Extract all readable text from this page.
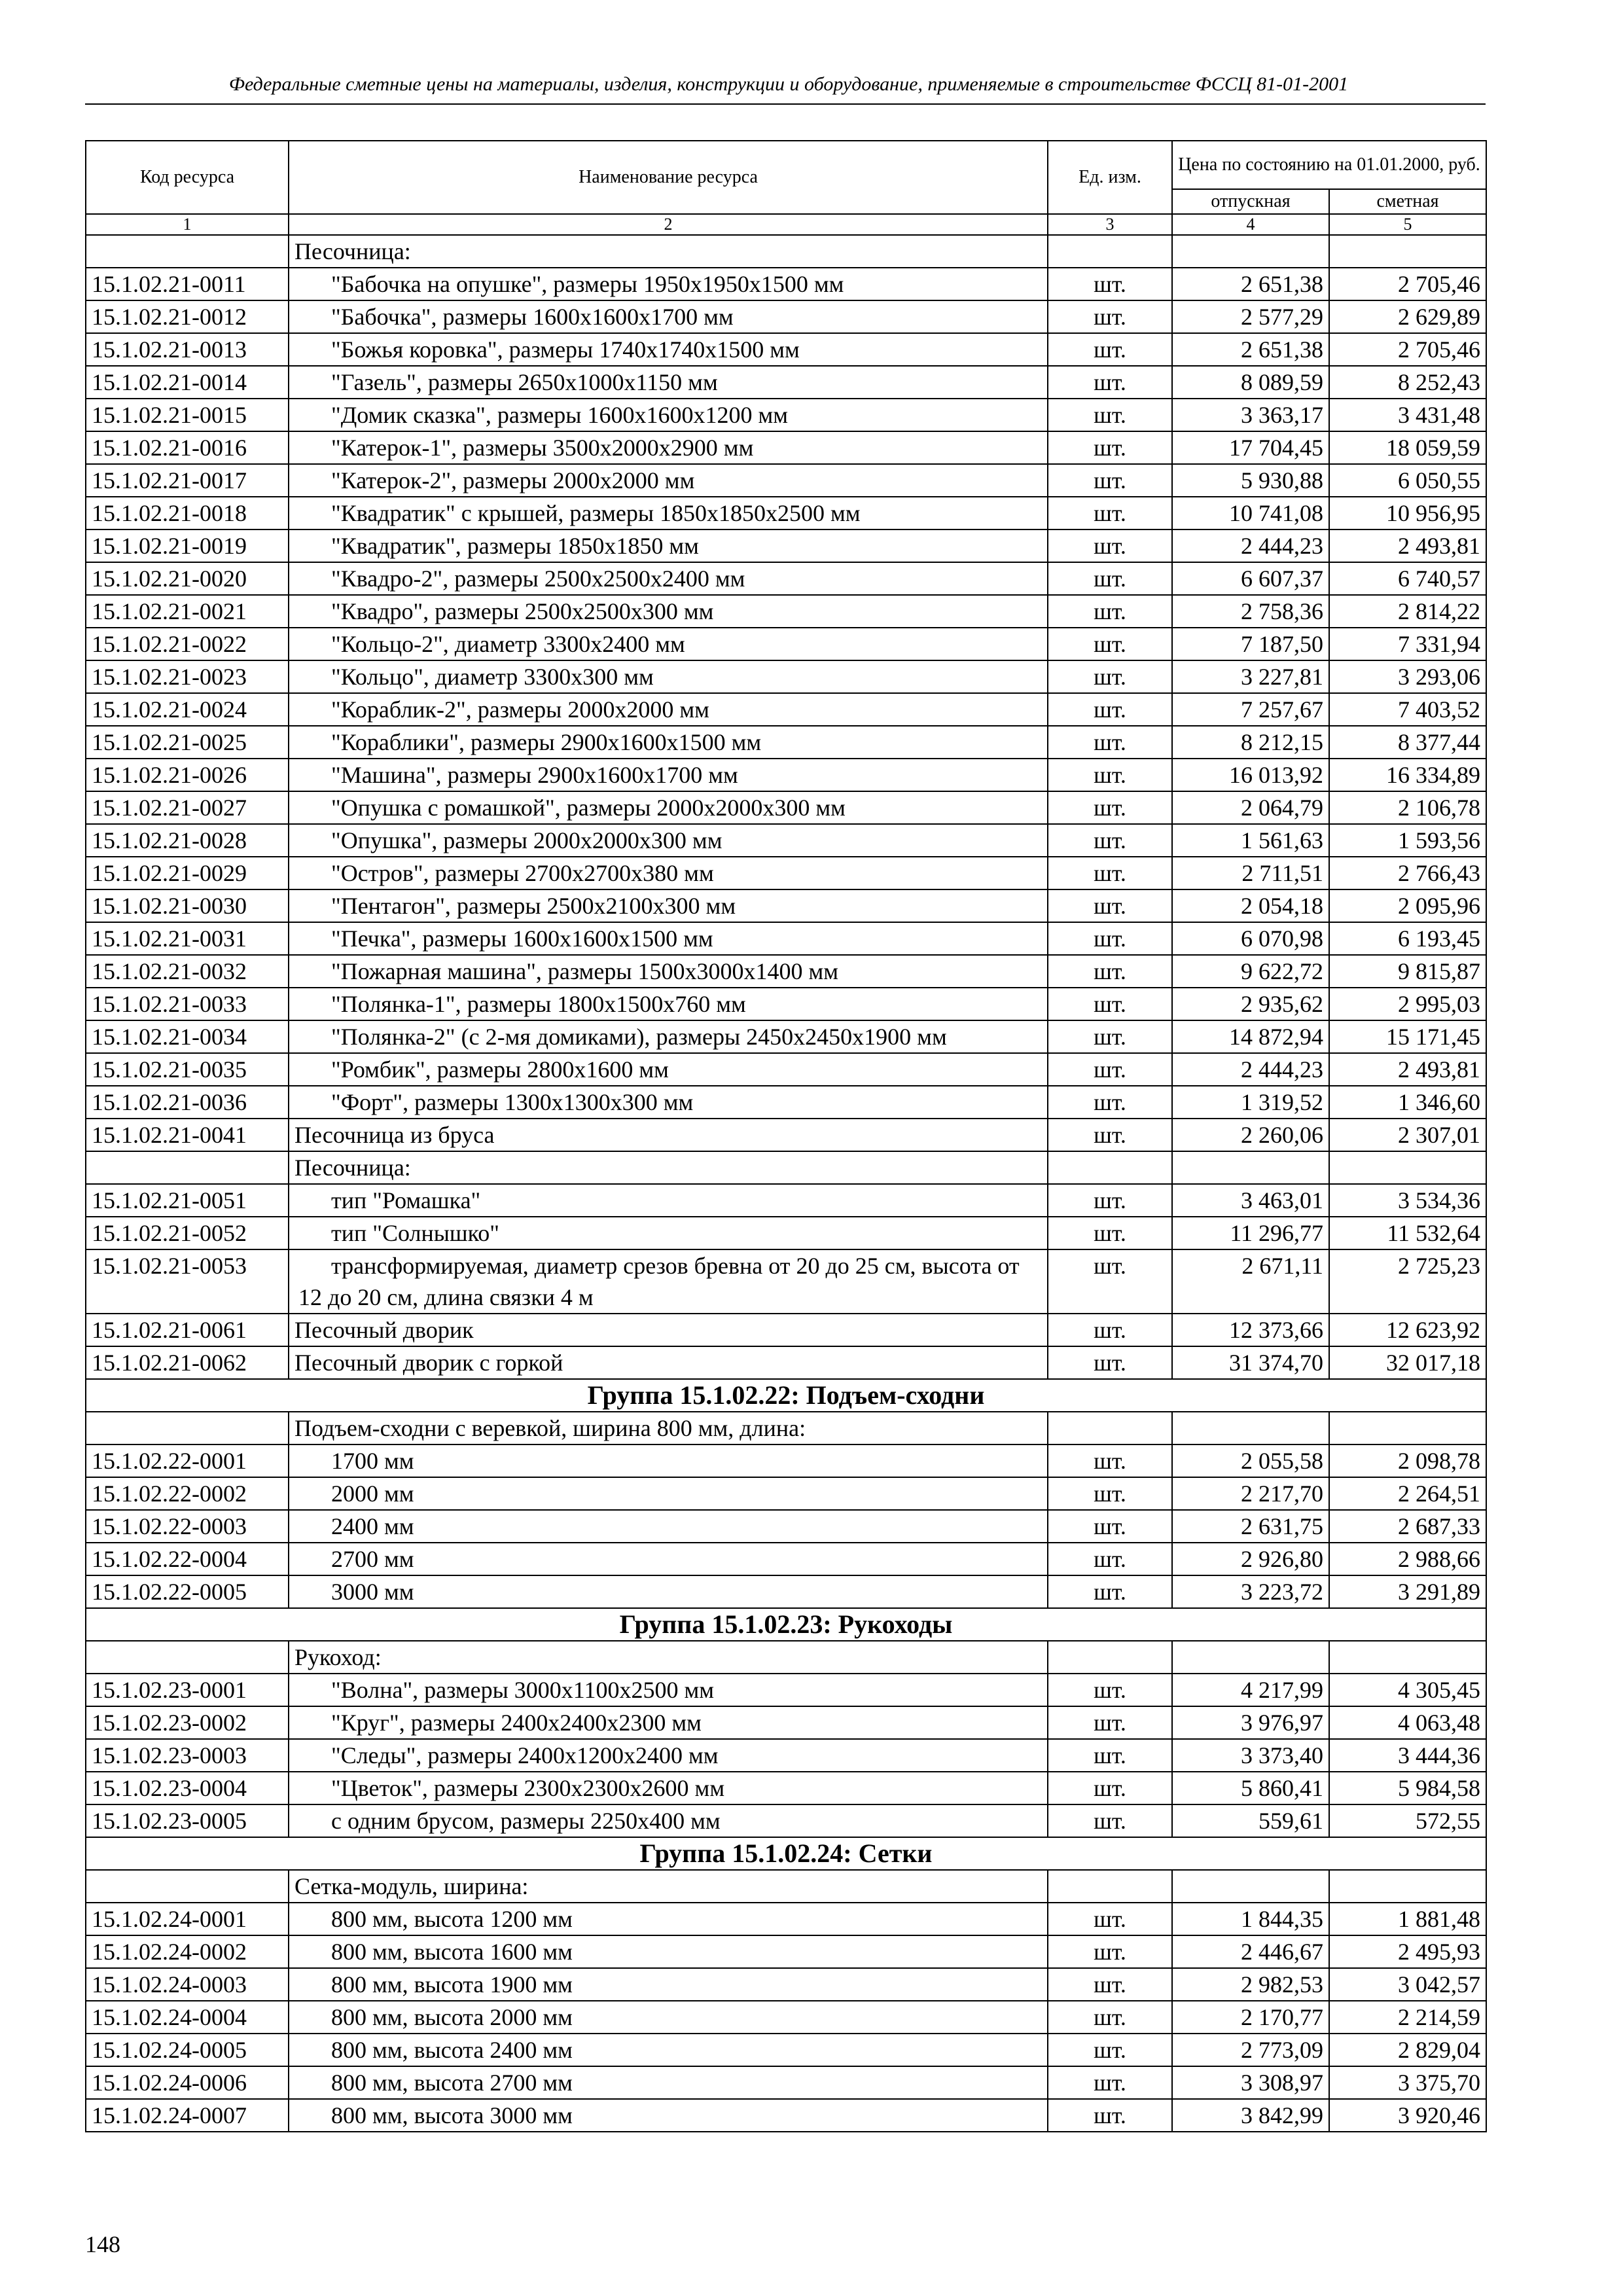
Федеральные сметные цены на материалы, изделия, конструкции и оборудование, применяемые в строительстве ФССЦ 81-01-2001
Код ресурса	Наименование ресурса	Ед. изм.	Цена по состоянию на 01.01.2000, руб.	
			отпускная	сметная
1	2	3	4	5
	Песочница:			
15.1.02.21-0011	"Бабочка на опушке", размеры 1950х1950х1500 мм	шт.	2 651,38	2 705,46
15.1.02.21-0012	"Бабочка", размеры 1600х1600х1700 мм	шт.	2 577,29	2 629,89
15.1.02.21-0013	"Божья коровка", размеры 1740х1740х1500 мм	шт.	2 651,38	2 705,46
15.1.02.21-0014	"Газель", размеры 2650х1000х1150 мм	шт.	8 089,59	8 252,43
15.1.02.21-0015	"Домик сказка", размеры 1600х1600х1200 мм	шт.	3 363,17	3 431,48
15.1.02.21-0016	"Катерок-1", размеры 3500х2000х2900 мм	шт.	17 704,45	18 059,59
15.1.02.21-0017	"Катерок-2", размеры 2000х2000 мм	шт.	5 930,88	6 050,55
15.1.02.21-0018	"Квадратик" с крышей, размеры 1850х1850х2500 мм	шт.	10 741,08	10 956,95
15.1.02.21-0019	"Квадратик", размеры 1850х1850 мм	шт.	2 444,23	2 493,81
15.1.02.21-0020	"Квадро-2", размеры 2500х2500х2400 мм	шт.	6 607,37	6 740,57
15.1.02.21-0021	"Квадро", размеры 2500х2500х300 мм	шт.	2 758,36	2 814,22
15.1.02.21-0022	"Кольцо-2", диаметр 3300х2400 мм	шт.	7 187,50	7 331,94
15.1.02.21-0023	"Кольцо", диаметр 3300х300 мм	шт.	3 227,81	3 293,06
15.1.02.21-0024	"Кораблик-2", размеры 2000х2000 мм	шт.	7 257,67	7 403,52
15.1.02.21-0025	"Кораблики", размеры 2900х1600х1500 мм	шт.	8 212,15	8 377,44
15.1.02.21-0026	"Машина", размеры 2900х1600х1700 мм	шт.	16 013,92	16 334,89
15.1.02.21-0027	"Опушка с ромашкой", размеры 2000х2000х300 мм	шт.	2 064,79	2 106,78
15.1.02.21-0028	"Опушка", размеры 2000х2000х300 мм	шт.	1 561,63	1 593,56
15.1.02.21-0029	"Остров", размеры 2700х2700х380 мм	шт.	2 711,51	2 766,43
15.1.02.21-0030	"Пентагон", размеры 2500х2100х300 мм	шт.	2 054,18	2 095,96
15.1.02.21-0031	"Печка", размеры 1600х1600х1500 мм	шт.	6 070,98	6 193,45
15.1.02.21-0032	"Пожарная машина", размеры 1500х3000х1400 мм	шт.	9 622,72	9 815,87
15.1.02.21-0033	"Полянка-1", размеры 1800х1500х760 мм	шт.	2 935,62	2 995,03
15.1.02.21-0034	"Полянка-2" (с 2-мя домиками), размеры 2450х2450х1900 мм	шт.	14 872,94	15 171,45
15.1.02.21-0035	"Ромбик", размеры 2800х1600 мм	шт.	2 444,23	2 493,81
15.1.02.21-0036	"Форт", размеры 1300х1300х300 мм	шт.	1 319,52	1 346,60
15.1.02.21-0041	Песочница из бруса	шт.	2 260,06	2 307,01
	Песочница:			
15.1.02.21-0051	тип "Ромашка"	шт.	3 463,01	3 534,36
15.1.02.21-0052	тип "Солнышко"	шт.	11 296,77	11 532,64
15.1.02.21-0053	трансформируемая, диаметр срезов бревна от 20 до 25 см, высота от 12 до 20 см, длина связки 4 м	шт.	2 671,11	2 725,23
15.1.02.21-0061	Песочный дворик	шт.	12 373,66	12 623,92
15.1.02.21-0062	Песочный дворик с горкой	шт.	31 374,70	32 017,18
Группа 15.1.02.22: Подъем-сходни				
	Подъем-сходни с веревкой, ширина 800 мм, длина:			
15.1.02.22-0001	1700 мм	шт.	2 055,58	2 098,78
15.1.02.22-0002	2000 мм	шт.	2 217,70	2 264,51
15.1.02.22-0003	2400 мм	шт.	2 631,75	2 687,33
15.1.02.22-0004	2700 мм	шт.	2 926,80	2 988,66
15.1.02.22-0005	3000 мм	шт.	3 223,72	3 291,89
Группа 15.1.02.23: Рукоходы				
	Рукоход:			
15.1.02.23-0001	"Волна", размеры 3000х1100х2500 мм	шт.	4 217,99	4 305,45
15.1.02.23-0002	"Круг", размеры 2400х2400х2300 мм	шт.	3 976,97	4 063,48
15.1.02.23-0003	"Следы", размеры 2400х1200х2400 мм	шт.	3 373,40	3 444,36
15.1.02.23-0004	"Цветок", размеры 2300х2300х2600 мм	шт.	5 860,41	5 984,58
15.1.02.23-0005	с одним брусом, размеры 2250х400 мм	шт.	559,61	572,55
Группа 15.1.02.24: Сетки				
	Сетка-модуль, ширина:			
15.1.02.24-0001	800 мм, высота 1200 мм	шт.	1 844,35	1 881,48
15.1.02.24-0002	800 мм, высота 1600 мм	шт.	2 446,67	2 495,93
15.1.02.24-0003	800 мм, высота 1900 мм	шт.	2 982,53	3 042,57
15.1.02.24-0004	800 мм, высота 2000 мм	шт.	2 170,77	2 214,59
15.1.02.24-0005	800 мм, высота 2400 мм	шт.	2 773,09	2 829,04
15.1.02.24-0006	800 мм, высота 2700 мм	шт.	3 308,97	3 375,70
15.1.02.24-0007	800 мм, высота 3000 мм	шт.	3 842,99	3 920,46
148
